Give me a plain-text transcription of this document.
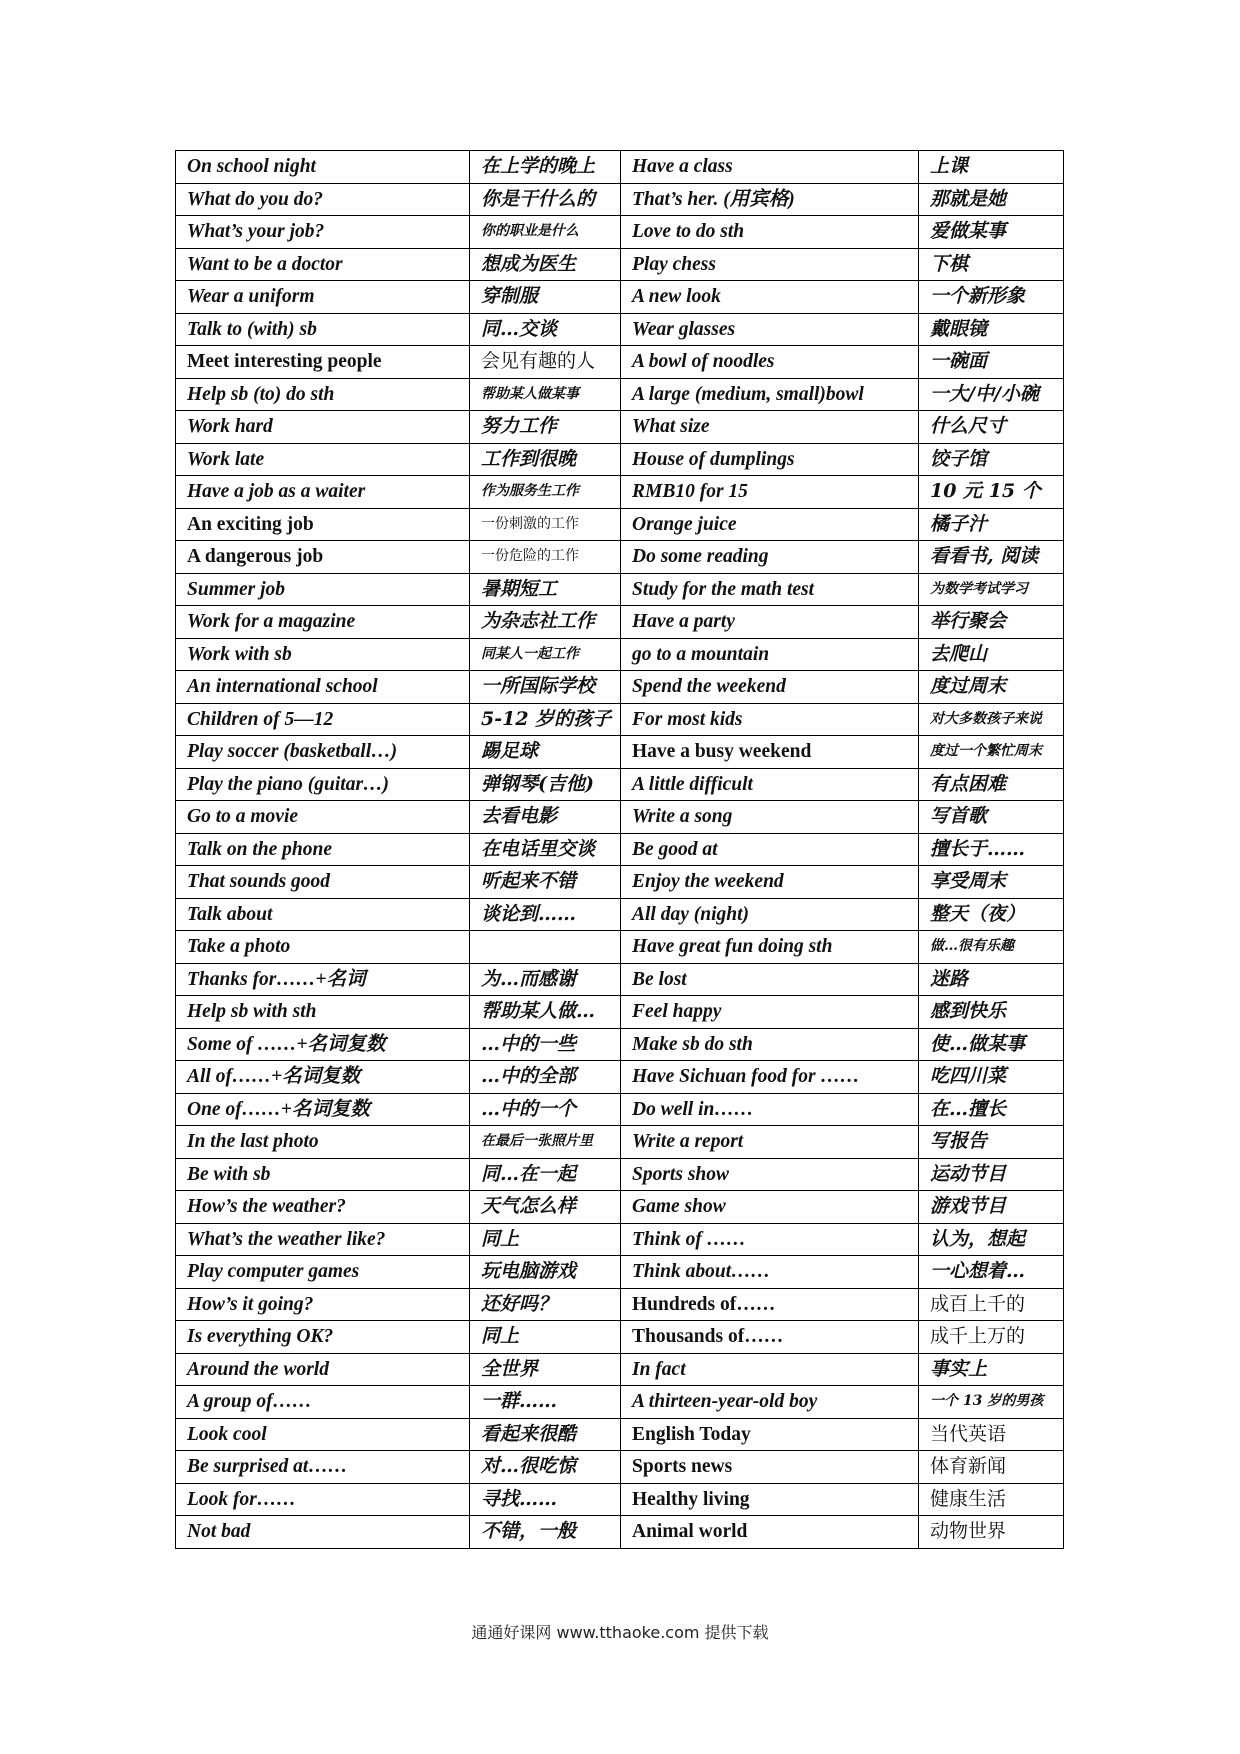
On school night	在上学的晚上	Have a class	上课
What do you do?	你是干什么的	That’s her. (用宾格)	那就是她
What’s your job?	你的职业是什么	Love to do sth	爱做某事
Want to be a doctor	想成为医生	Play chess	下棋
Wear a uniform	穿制服	A new look	一个新形象
Talk to (with) sb	同…交谈	Wear glasses	戴眼镜
Meet interesting people	会见有趣的人	A bowl of noodles	一碗面
Help sb (to) do sth	帮助某人做某事	A large (medium, small)bowl	一大/中/小碗
Work hard	努力工作	What size	什么尺寸
Work late	工作到很晚	House of dumplings	饺子馆
Have a job as a waiter	作为服务生工作	RMB10 for 15	10 元 15 个
An exciting job	一份刺激的工作	Orange juice	橘子汁
A dangerous job	一份危险的工作	Do some reading	看看书, 阅读
Summer job	暑期短工	Study for the math test	为数学考试学习
Work for a magazine	为杂志社工作	Have a party	举行聚会
Work with sb	同某人一起工作	go to a mountain	去爬山
An international school	一所国际学校	Spend the weekend	度过周末
Children of 5—12	5-12 岁的孩子	For most kids	对大多数孩子来说
Play soccer (basketball…)	踢足球	Have a busy weekend	度过一个繁忙周末
Play the piano (guitar…)	弹钢琴(吉他)	A little difficult	有点困难
Go to a movie	去看电影	Write a song	写首歌
Talk on the phone	在电话里交谈	Be good at	擅长于……
That sounds good	听起来不错	Enjoy the weekend	享受周末
Talk about	谈论到……	All day (night)	整天（夜）
Take a photo		Have great fun doing sth	做…很有乐趣
Thanks for……+名词	为…而感谢	Be lost	迷路
Help sb with sth	帮助某人做…	Feel happy	感到快乐
Some of ……+名词复数	…中的一些	Make sb do sth	使…做某事
All of……+名词复数	…中的全部	Have Sichuan food for ……	吃四川菜
One of……+名词复数	…中的一个	Do well in……	在…擅长
In the last photo	在最后一张照片里	Write a report	写报告
Be with sb	同…在一起	Sports show	运动节目
How’s the weather?	天气怎么样	Game show	游戏节目
What’s the weather like?	同上	Think of ……	认为，想起
Play computer games	玩电脑游戏	Think about……	一心想着…
How’s it going?	还好吗？	Hundreds of……	成百上千的
Is everything OK?	同上	Thousands of……	成千上万的
Around the world	全世界	In fact	事实上
A group of……	一群……	A thirteen-year-old boy	一个 13 岁的男孩
Look cool	看起来很酷	English Today	当代英语
Be surprised at……	对…很吃惊	Sports news	体育新闻
Look for……	寻找……	Healthy living	健康生活
Not bad	不错，一般	Animal world	动物世界
通通好课网 www.tthaoke.com 提供下载
